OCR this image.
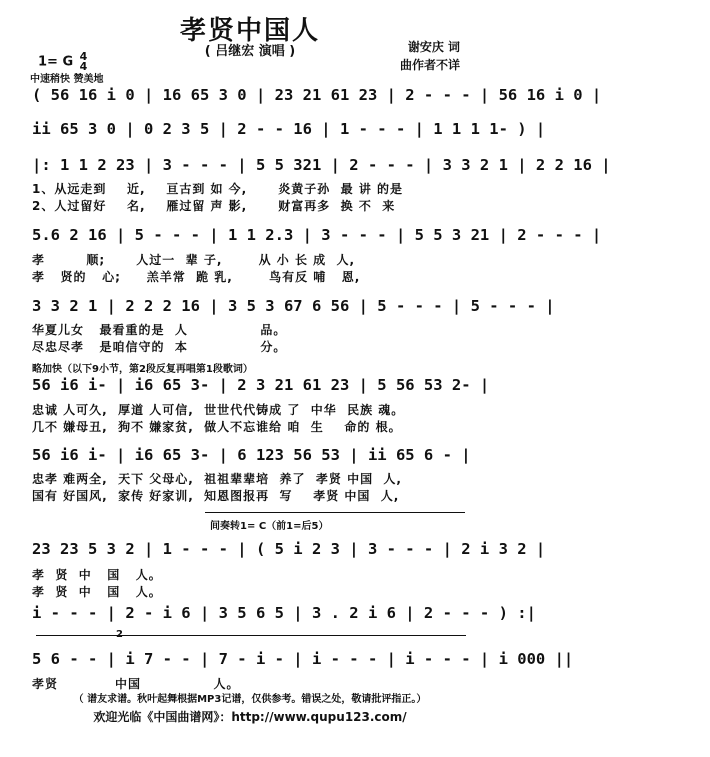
孝贤中国人
( 吕继宏 演唱 )	谢安庆 词
曲作者不详
1= G 4
4
中速稍快 赞美地
( 56 16 i 0 | 16 65 3 0 | 23 21 61 23 | 2 - - - | 56 16 i 0 |
ii 65 3 0 | 0 2 3 5 | 2 - - 16 | 1 - - - | 1 1 1 1- ) |
|: 1 1 2 23 | 3 - - - | 5 5 321 | 2 - - - | 3 3 2 1 | 2 2 16 |
1、从远走到    近,    亘古到 如 今,      炎黄子孙  最 讲 的是
2、人过留好    名,    雁过留 声 影,      财富再多  换 不  来
5.6 2 16 | 5 - - - | 1 1 2.3 | 3 - - - | 5 5 3 21 | 2 - - - |
孝        顺;      人过一  辈 子,       从 小 长 成  人,
孝   贤的   心;     羔羊常  跪 乳,       鸟有反 哺   恩,
3 3 2 1 | 2 2 2 16 | 3 5 3 67 6 56 | 5 - - - | 5 - - - |
华夏儿女   最看重的是  人              品。
尽忠尽孝   是咱信守的  本              分。
略加快（以下9小节，第2段反复再唱第1段歌词）
56 i6 i- | i6 65 3- | 2 3 21 61 23 | 5 56 53 2- |
忠诚 人可久,  厚道 人可信,  世世代代铸成 了  中华  民族 魂。
几不 嫌母丑,  狗不 嫌家贫,  做人不忘谁给 咱  生    命的 根。
56 i6 i- | i6 65 3- | 6 123 56 53 | ii 65 6 - |
忠孝 难两全,  天下 父母心,  祖祖辈辈培  养了  孝贤 中国  人,
国有 好国风,  家传 好家训,  知恩图报再  写    孝贤 中国  人,
间奏转1= C（前1=后5）
23 23 5 3 2 | 1 - - - | ( 5 i 2 3 | 3 - - - | 2 i 3 2 |
孝  贤  中   国   人。
孝  贤  中   国   人。
i - - - | 2 - i 6 | 3 5 6 5 | 3 . 2 i 6 | 2 - - - ) :|
2
5 6 - - | i 7 - - | 7 - i - | i - - - | i - - - | i 000 ||
孝贤           中国              人。
（ 谱友求谱。秋叶起舞根据MP3记谱，仅供参考。错误之处，敬请批评指正。）
欢迎光临《中国曲谱网》：http://www.qupu123.com/
